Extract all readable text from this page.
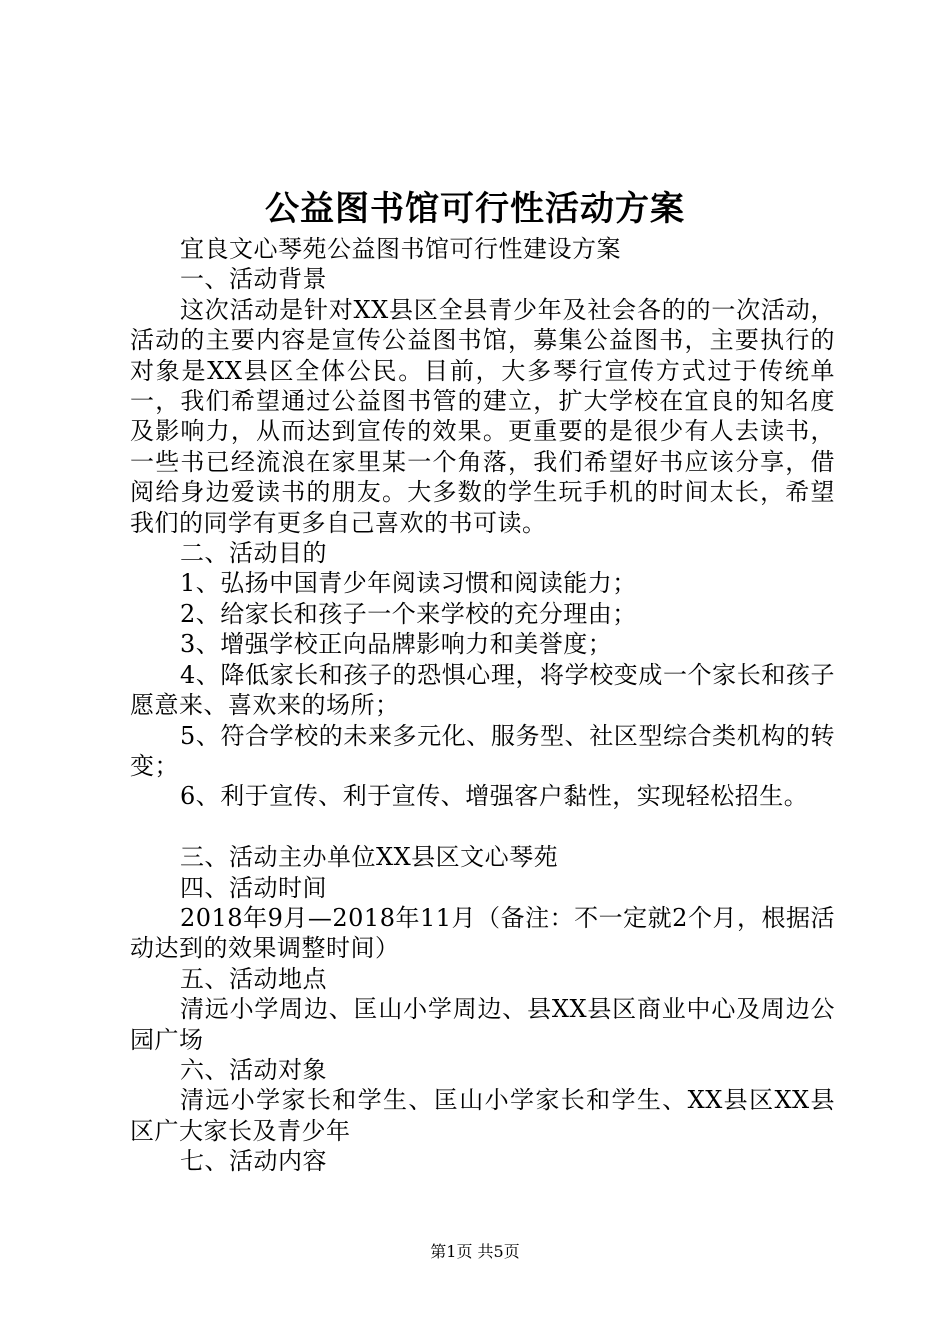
公益图书馆可行性活动方案

宜良文心琴苑公益图书馆可行性建设方案

一、活动背景

这次活动是针对XX县区全县青少年及社会各的的一次活动，活动的主要内容是宣传公益图书馆，募集公益图书，主要执行的对象是XX县区全体公民。目前，大多琴行宣传方式过于传统单一，我们希望通过公益图书管的建立，扩大学校在宜良的知名度及影响力，从而达到宣传的效果。更重要的是很少有人去读书，一些书已经流浪在家里某一个角落，我们希望好书应该分享，借阅给身边爱读书的朋友。大多数的学生玩手机的时间太长，希望我们的同学有更多自己喜欢的书可读。

二、活动目的

1、弘扬中国青少年阅读习惯和阅读能力；

2、给家长和孩子一个来学校的充分理由；

3、增强学校正向品牌影响力和美誉度；

4、降低家长和孩子的恐惧心理，将学校变成一个家长和孩子愿意来、喜欢来的场所；

5、符合学校的未来多元化、服务型、社区型综合类机构的转变；

6、利于宣传、利于宣传、增强客户黏性，实现轻松招生。

三、活动主办单位XX县区文心琴苑

四、活动时间

2018年9月—2018年11月（备注：不一定就2个月，根据活动达到的效果调整时间）

五、活动地点

清远小学周边、匡山小学周边、县XX县区商业中心及周边公园广场

六、活动对象

清远小学家长和学生、匡山小学家长和学生、XX县区XX县区广大家长及青少年

七、活动内容

第1页 共5页
